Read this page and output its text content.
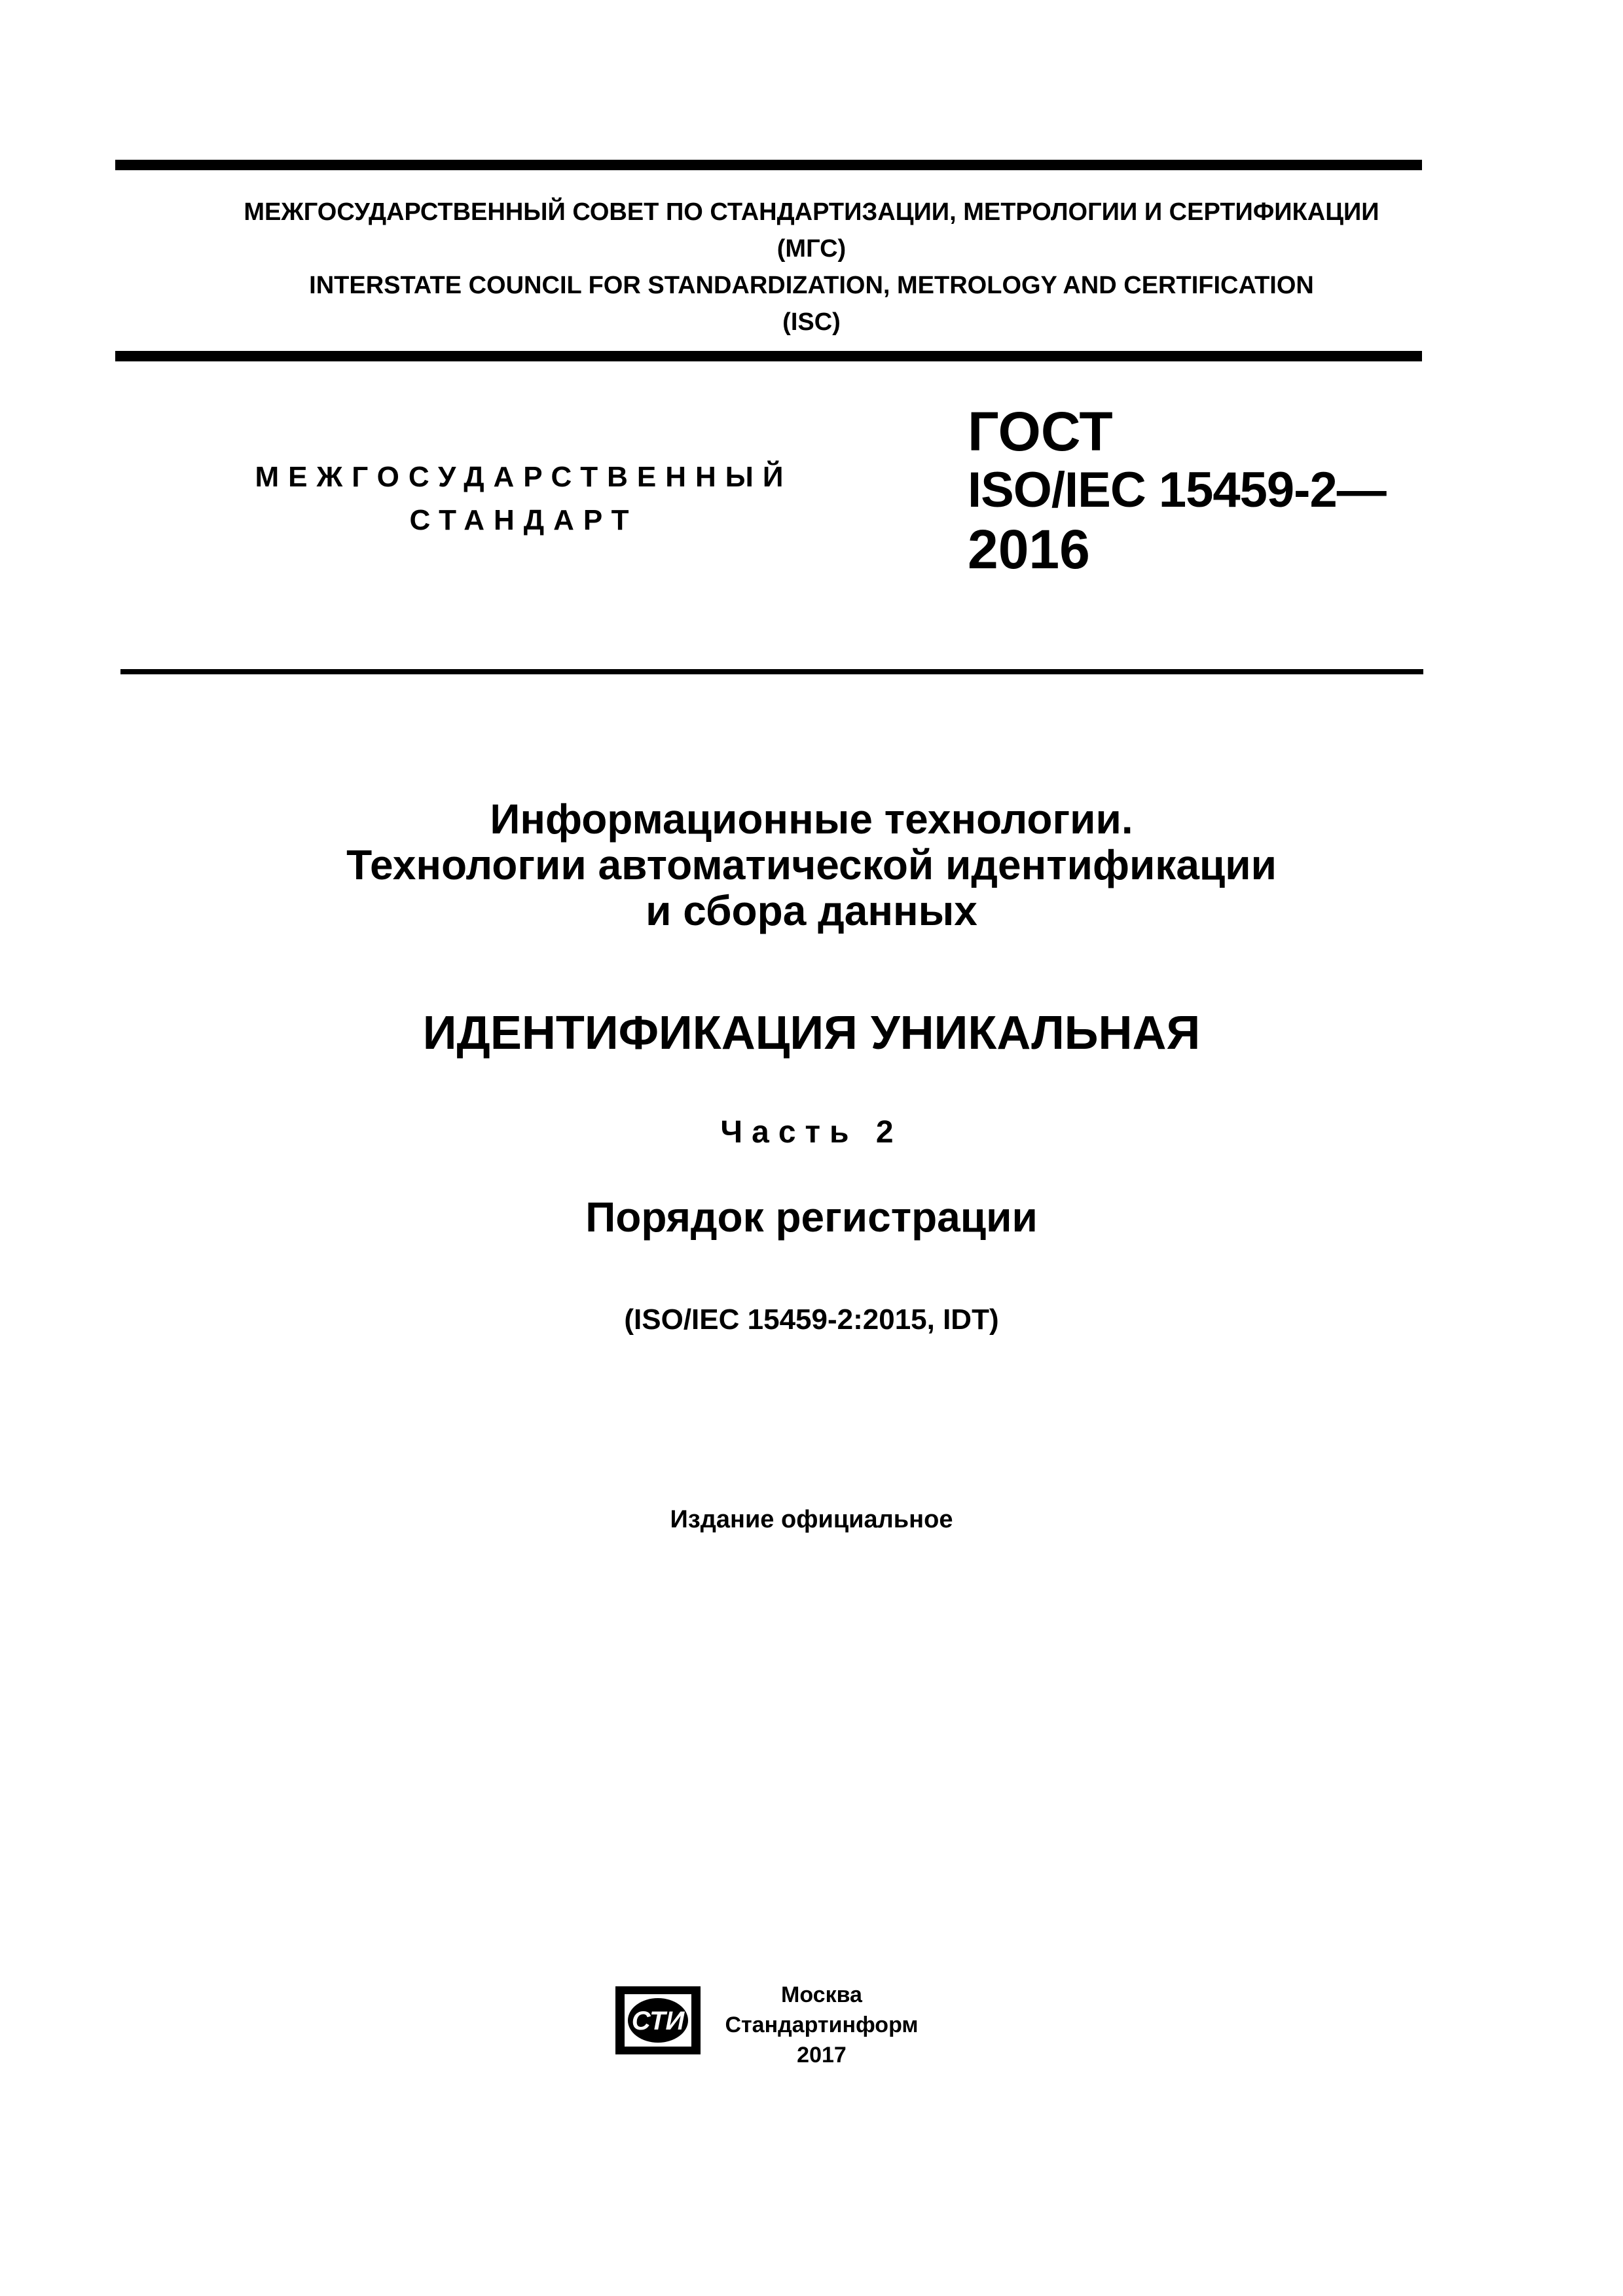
МЕЖГОСУДАРСТВЕННЫЙ СОВЕТ ПО СТАНДАРТИЗАЦИИ, МЕТРОЛОГИИ И СЕРТИФИКАЦИИ
(МГС)
INTERSTATE COUNCIL FOR STANDARDIZATION, METROLOGY AND CERTIFICATION
(ISC)
МЕЖГОСУДАРСТВЕННЫЙ
СТАНДАРТ
ГОСТ
ISO/IEC 15459-2—
2016
Информационные технологии.
Технологии автоматической идентификации
и сбора данных
ИДЕНТИФИКАЦИЯ УНИКАЛЬНАЯ
Часть 2
Порядок регистрации
(ISO/IEC 15459-2:2015, IDT)
Издание официальное
СТИ
Москва
Стандартинформ
2017
